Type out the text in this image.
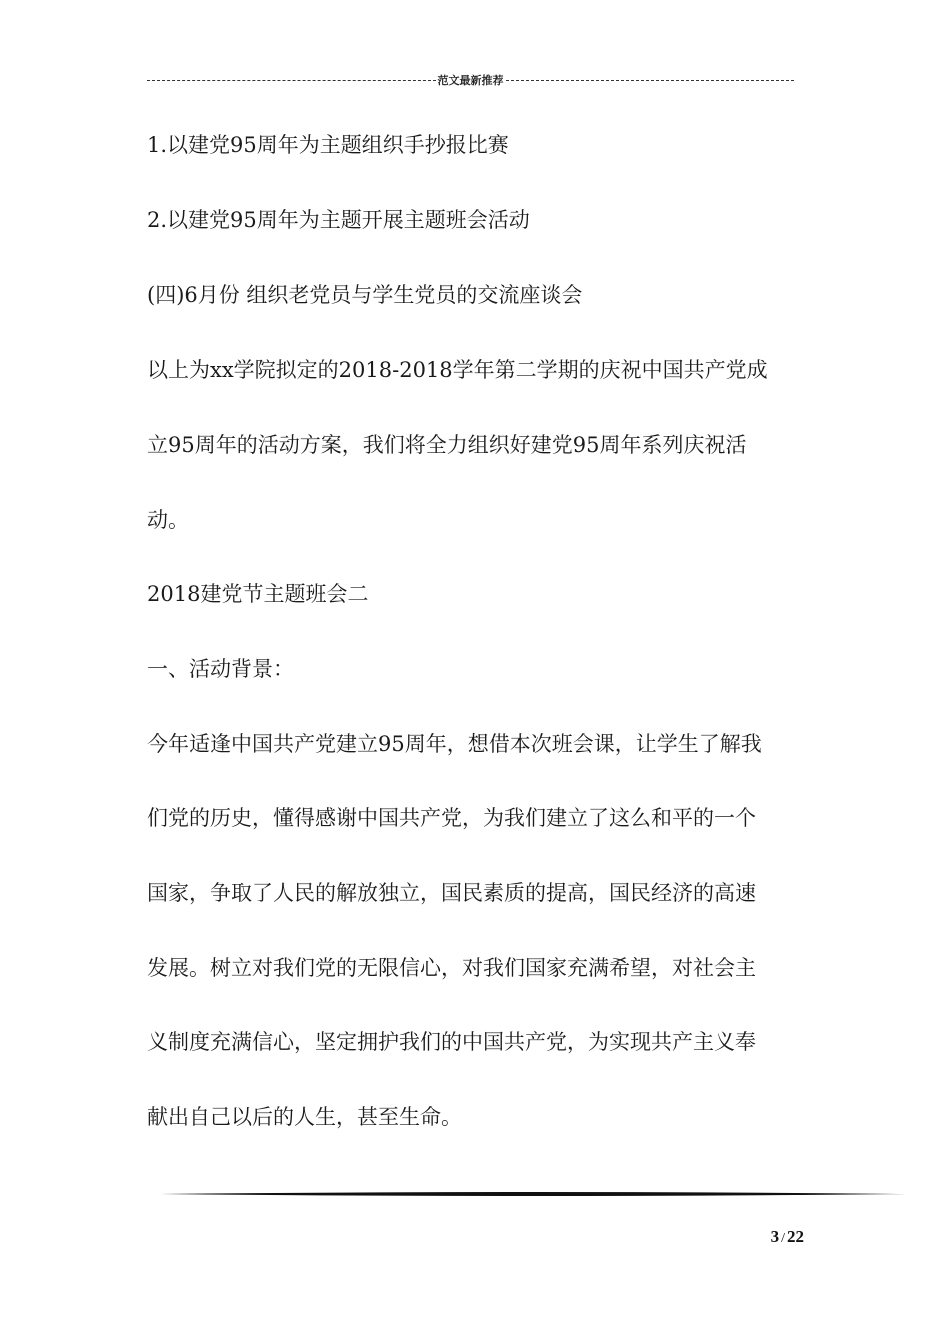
范文最新推荐
1.以建党95周年为主题组织手抄报比赛
2.以建党95周年为主题开展主题班会活动
(四)6月份 组织老党员与学生党员的交流座谈会
以上为xx学院拟定的2018-2018学年第二学期的庆祝中国共产党成
立95周年的活动方案，我们将全力组织好建党95周年系列庆祝活
动。
2018建党节主题班会二
一、活动背景：
今年适逢中国共产党建立95周年，想借本次班会课，让学生了解我
们党的历史，懂得感谢中国共产党，为我们建立了这么和平的一个
国家，争取了人民的解放独立，国民素质的提高，国民经济的高速
发展。树立对我们党的无限信心，对我们国家充满希望，对社会主
义制度充满信心，坚定拥护我们的中国共产党，为实现共产主义奉
献出自己以后的人生，甚至生命。
3 / 22
